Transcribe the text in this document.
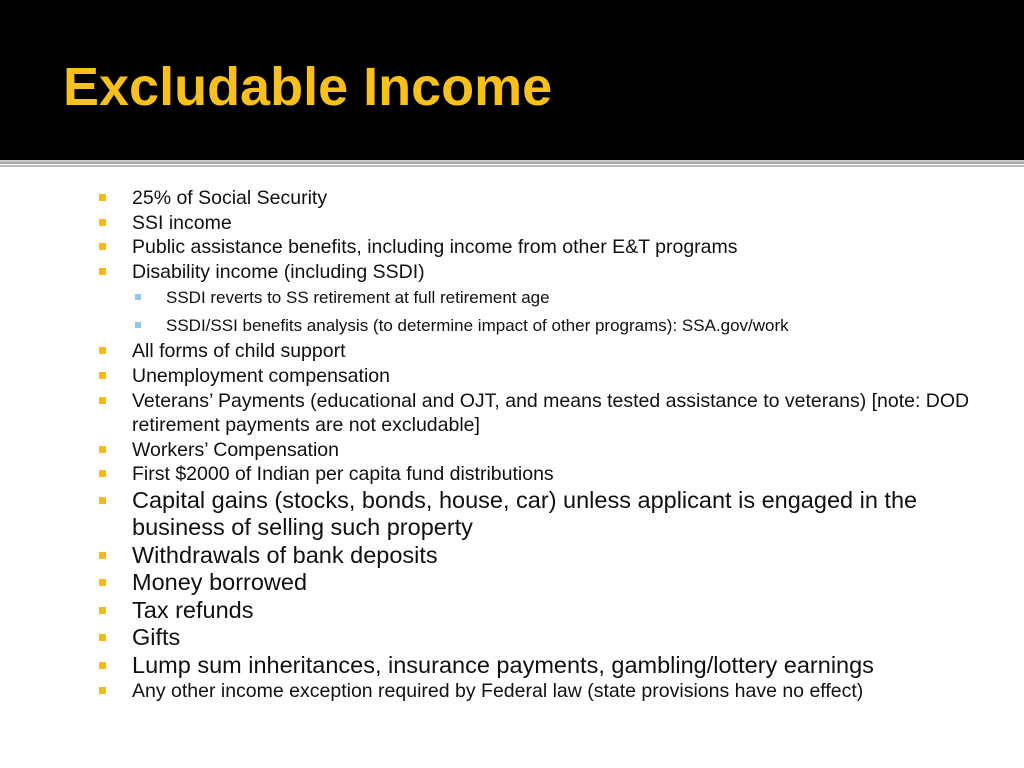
Excludable Income
25% of Social Security
SSI income
Public assistance benefits, including income from other E&T programs
Disability income (including SSDI)
SSDI reverts to SS retirement at full retirement age
SSDI/SSI benefits analysis (to determine impact of other programs): SSA.gov/work
All forms of child support
Unemployment compensation
Veterans’ Payments (educational and OJT, and means tested assistance to veterans) [note: DOD retirement payments are not excludable]
Workers’ Compensation
First $2000 of Indian per capita fund distributions
Capital gains (stocks, bonds, house, car) unless applicant is engaged in the business of selling such property
Withdrawals of bank deposits
Money borrowed
Tax refunds
Gifts
Lump sum inheritances, insurance payments, gambling/lottery earnings
Any other income exception required by Federal law (state provisions have no effect)
